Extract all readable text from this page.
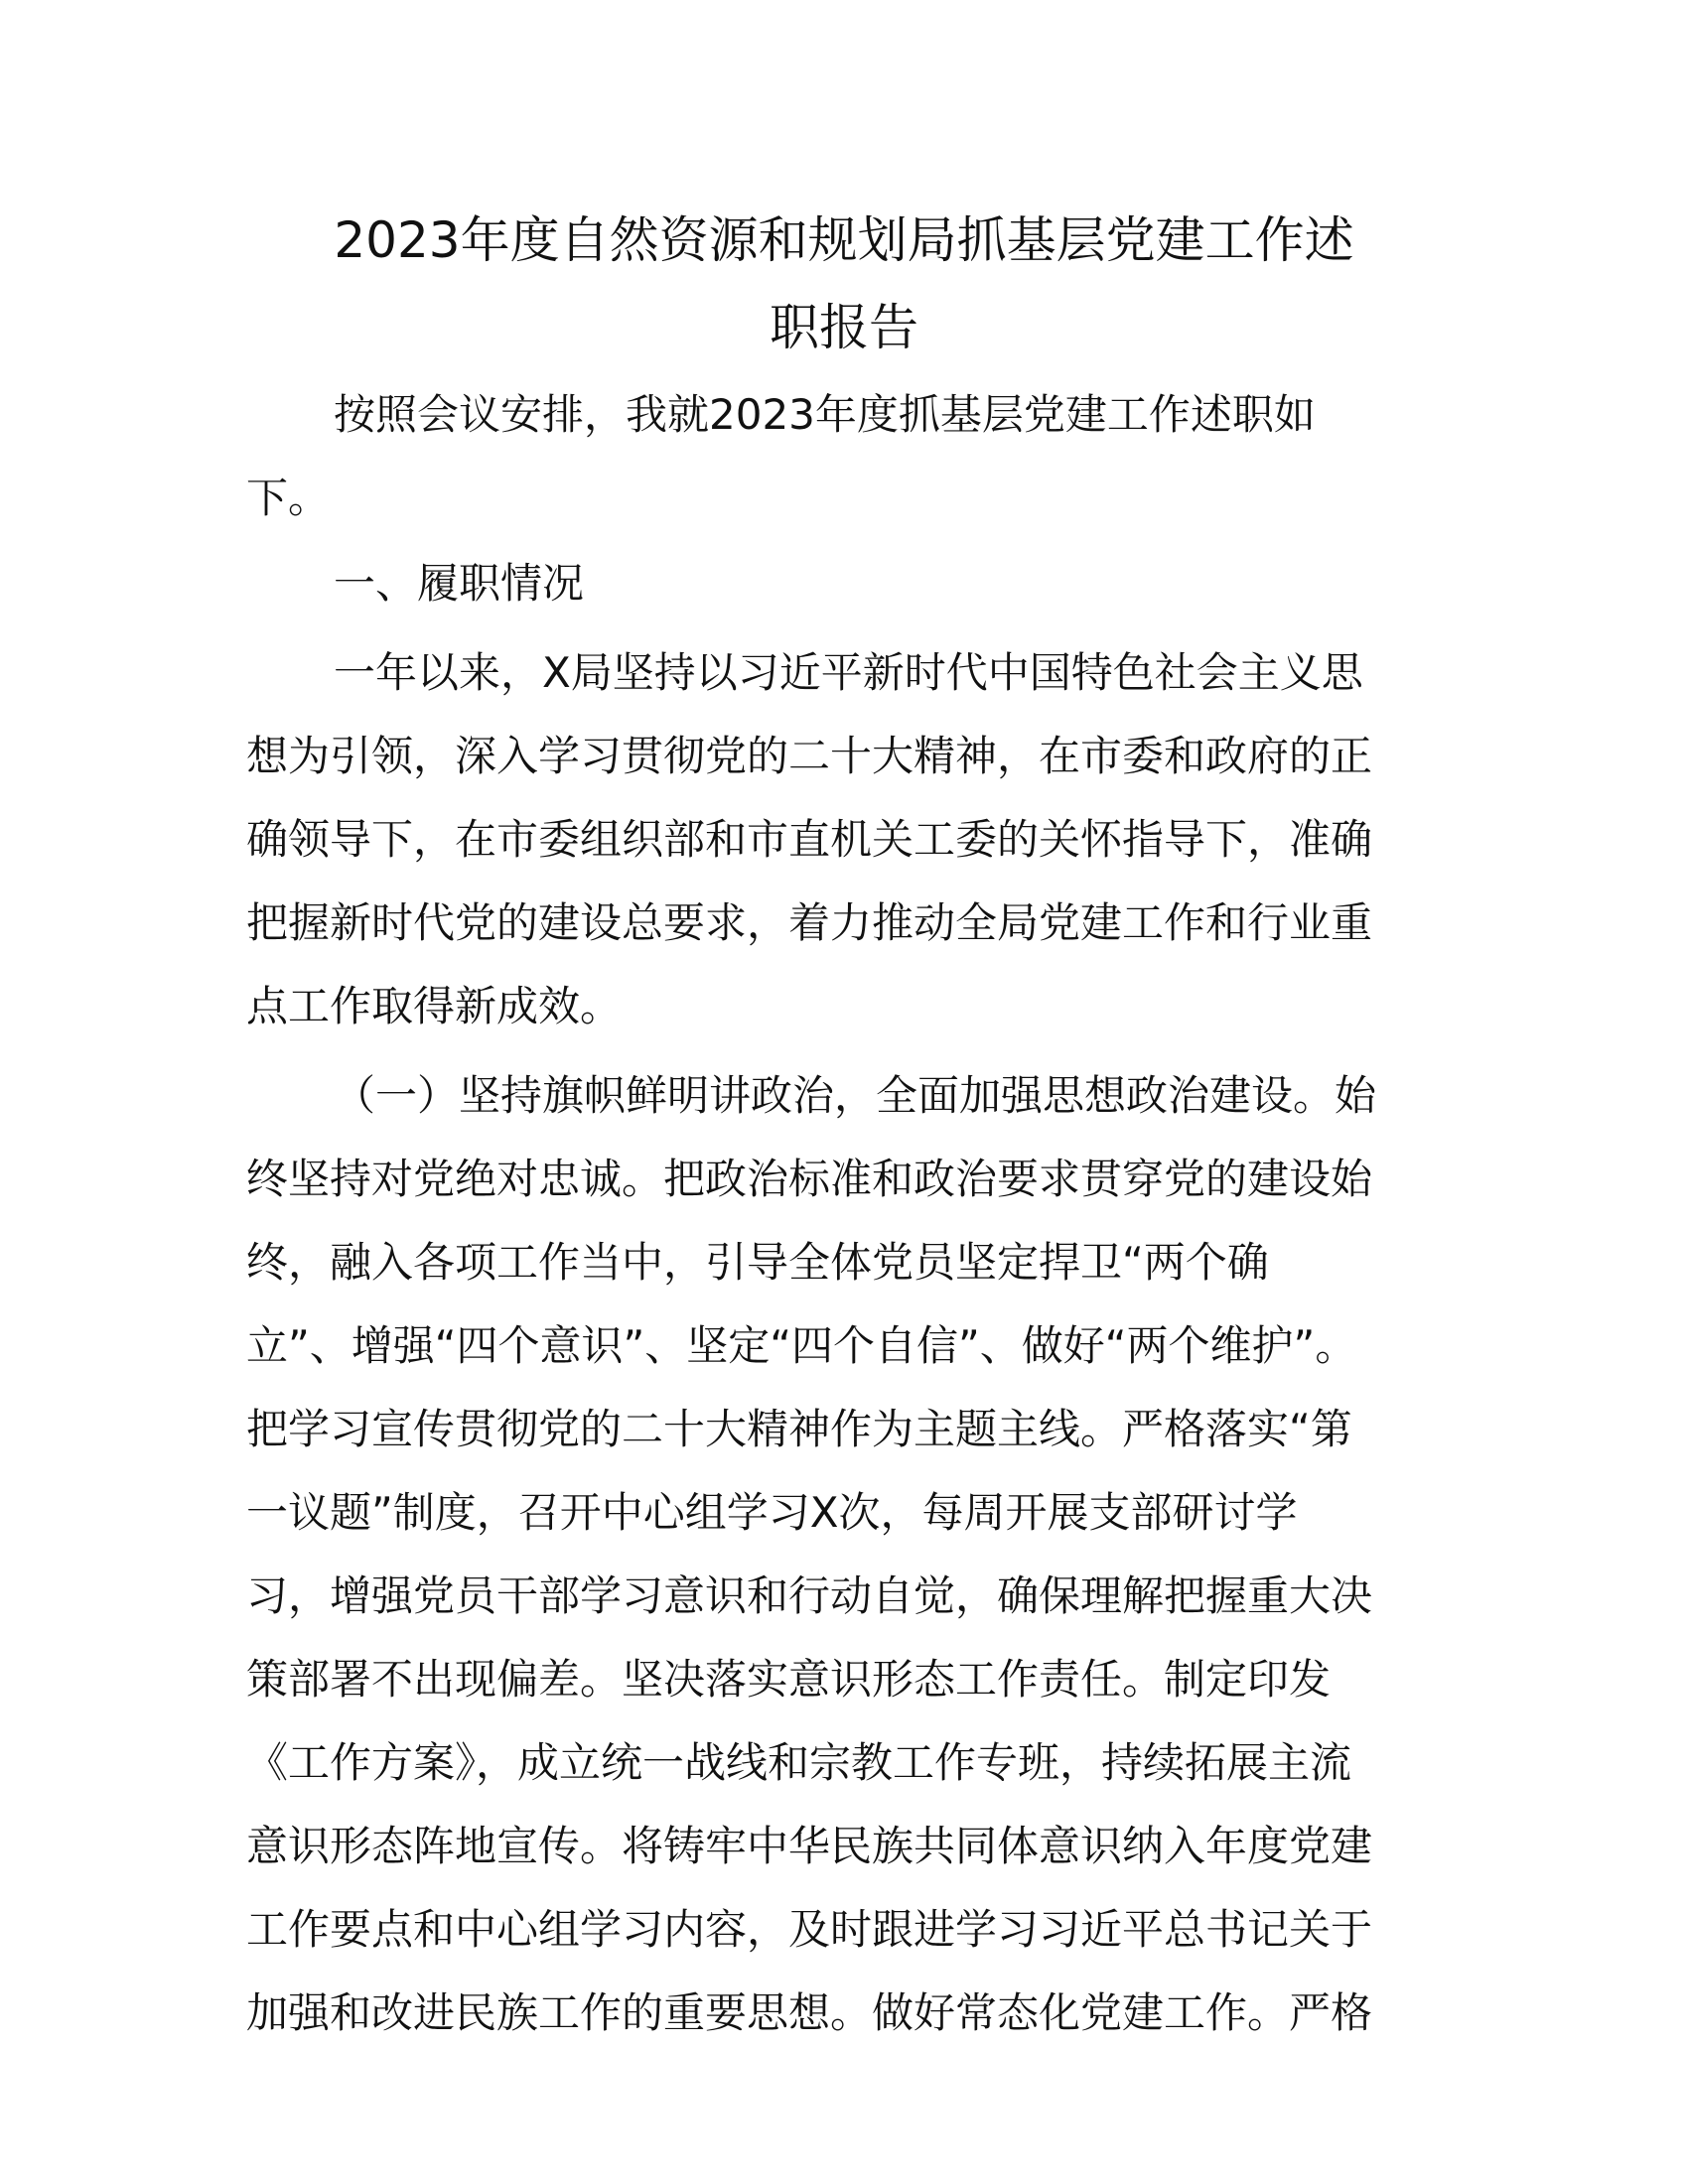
2023年度自然资源和规划局抓基层党建工作述
职报告
按照会议安排，我就2023年度抓基层党建工作述职如
下。
一、履职情况
一年以来，X局坚持以习近平新时代中国特色社会主义思
想为引领，深入学习贯彻党的二十大精神，在市委和政府的正
确领导下，在市委组织部和市直机关工委的关怀指导下，准确
把握新时代党的建设总要求，着力推动全局党建工作和行业重
点工作取得新成效。
（一）坚持旗帜鲜明讲政治，全面加强思想政治建设。始
终坚持对党绝对忠诚。把政治标准和政治要求贯穿党的建设始
终，融入各项工作当中，引导全体党员坚定捍卫“两个确
立”、增强“四个意识”、坚定“四个自信”、做好“两个维护”。
把学习宣传贯彻党的二十大精神作为主题主线。严格落实“第
一议题”制度，召开中心组学习X次，每周开展支部研讨学
习，增强党员干部学习意识和行动自觉，确保理解把握重大决
策部署不出现偏差。坚决落实意识形态工作责任。制定印发
《工作方案》，成立统一战线和宗教工作专班，持续拓展主流
意识形态阵地宣传。将铸牢中华民族共同体意识纳入年度党建
工作要点和中心组学习内容，及时跟进学习习近平总书记关于
加强和改进民族工作的重要思想。做好常态化党建工作。严格
